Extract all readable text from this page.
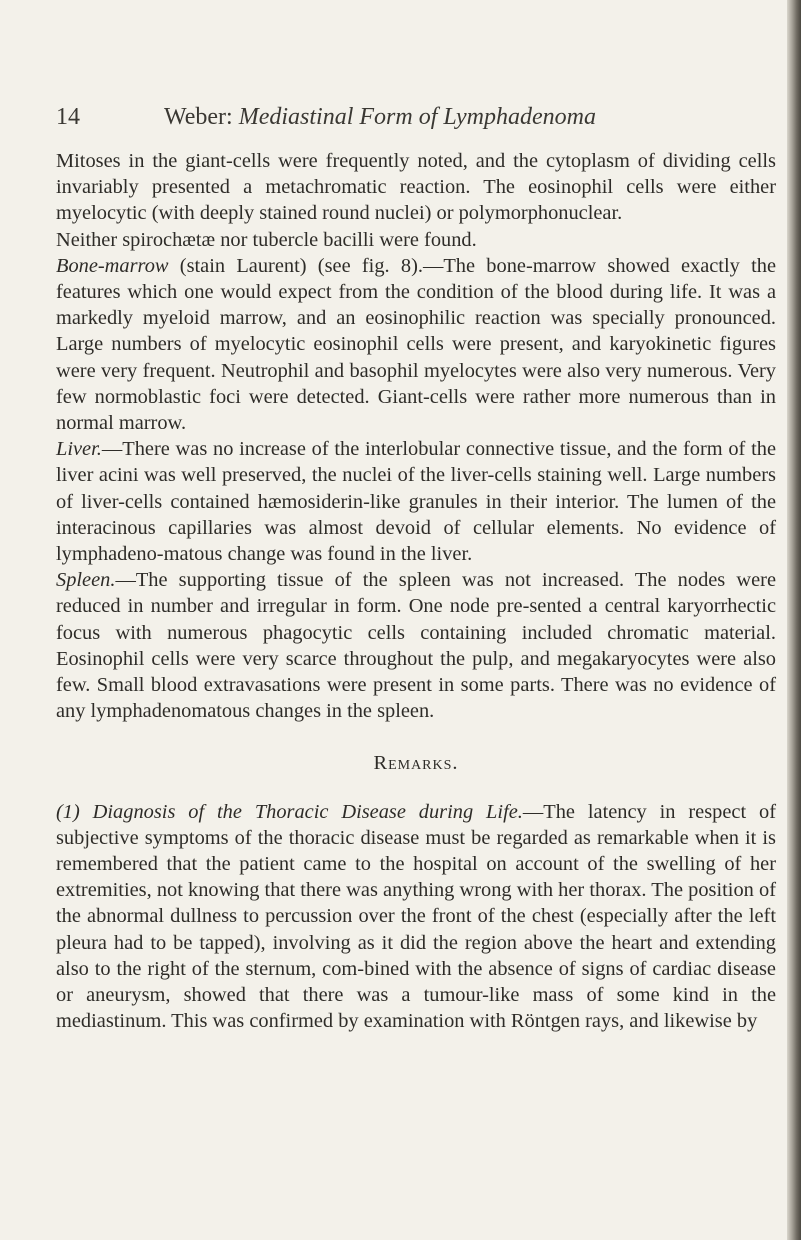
14	Weber: Mediastinal Form of Lymphadenoma

Mitoses in the giant-cells were frequently noted, and the cytoplasm of dividing cells invariably presented a metachromatic reaction. The eosinophil cells were either myelocytic (with deeply stained round nuclei) or polymorphonuclear.

Neither spirochætæ nor tubercle bacilli were found.

Bone-marrow (stain Laurent) (see fig. 8).—The bone-marrow showed exactly the features which one would expect from the condition of the blood during life. It was a markedly myeloid marrow, and an eosinophilic reaction was specially pronounced. Large numbers of myelocytic eosinophil cells were present, and karyokinetic figures were very frequent. Neutrophil and basophil myelocytes were also very numerous. Very few normoblastic foci were detected. Giant-cells were rather more numerous than in normal marrow.

Liver.—There was no increase of the interlobular connective tissue, and the form of the liver acini was well preserved, the nuclei of the liver-cells staining well. Large numbers of liver-cells contained hæmosiderin-like granules in their interior. The lumen of the interacinous capillaries was almost devoid of cellular elements. No evidence of lymphadeno-matous change was found in the liver.

Spleen.—The supporting tissue of the spleen was not increased. The nodes were reduced in number and irregular in form. One node pre-sented a central karyorrhectic focus with numerous phagocytic cells containing included chromatic material. Eosinophil cells were very scarce throughout the pulp, and megakaryocytes were also few. Small blood extravasations were present in some parts. There was no evidence of any lymphadenomatous changes in the spleen.

Remarks.

(1) Diagnosis of the Thoracic Disease during Life.—The latency in respect of subjective symptoms of the thoracic disease must be regarded as remarkable when it is remembered that the patient came to the hospital on account of the swelling of her extremities, not knowing that there was anything wrong with her thorax. The position of the abnormal dullness to percussion over the front of the chest (especially after the left pleura had to be tapped), involving as it did the region above the heart and extending also to the right of the sternum, com-bined with the absence of signs of cardiac disease or aneurysm, showed that there was a tumour-like mass of some kind in the mediastinum. This was confirmed by examination with Röntgen rays, and likewise by
